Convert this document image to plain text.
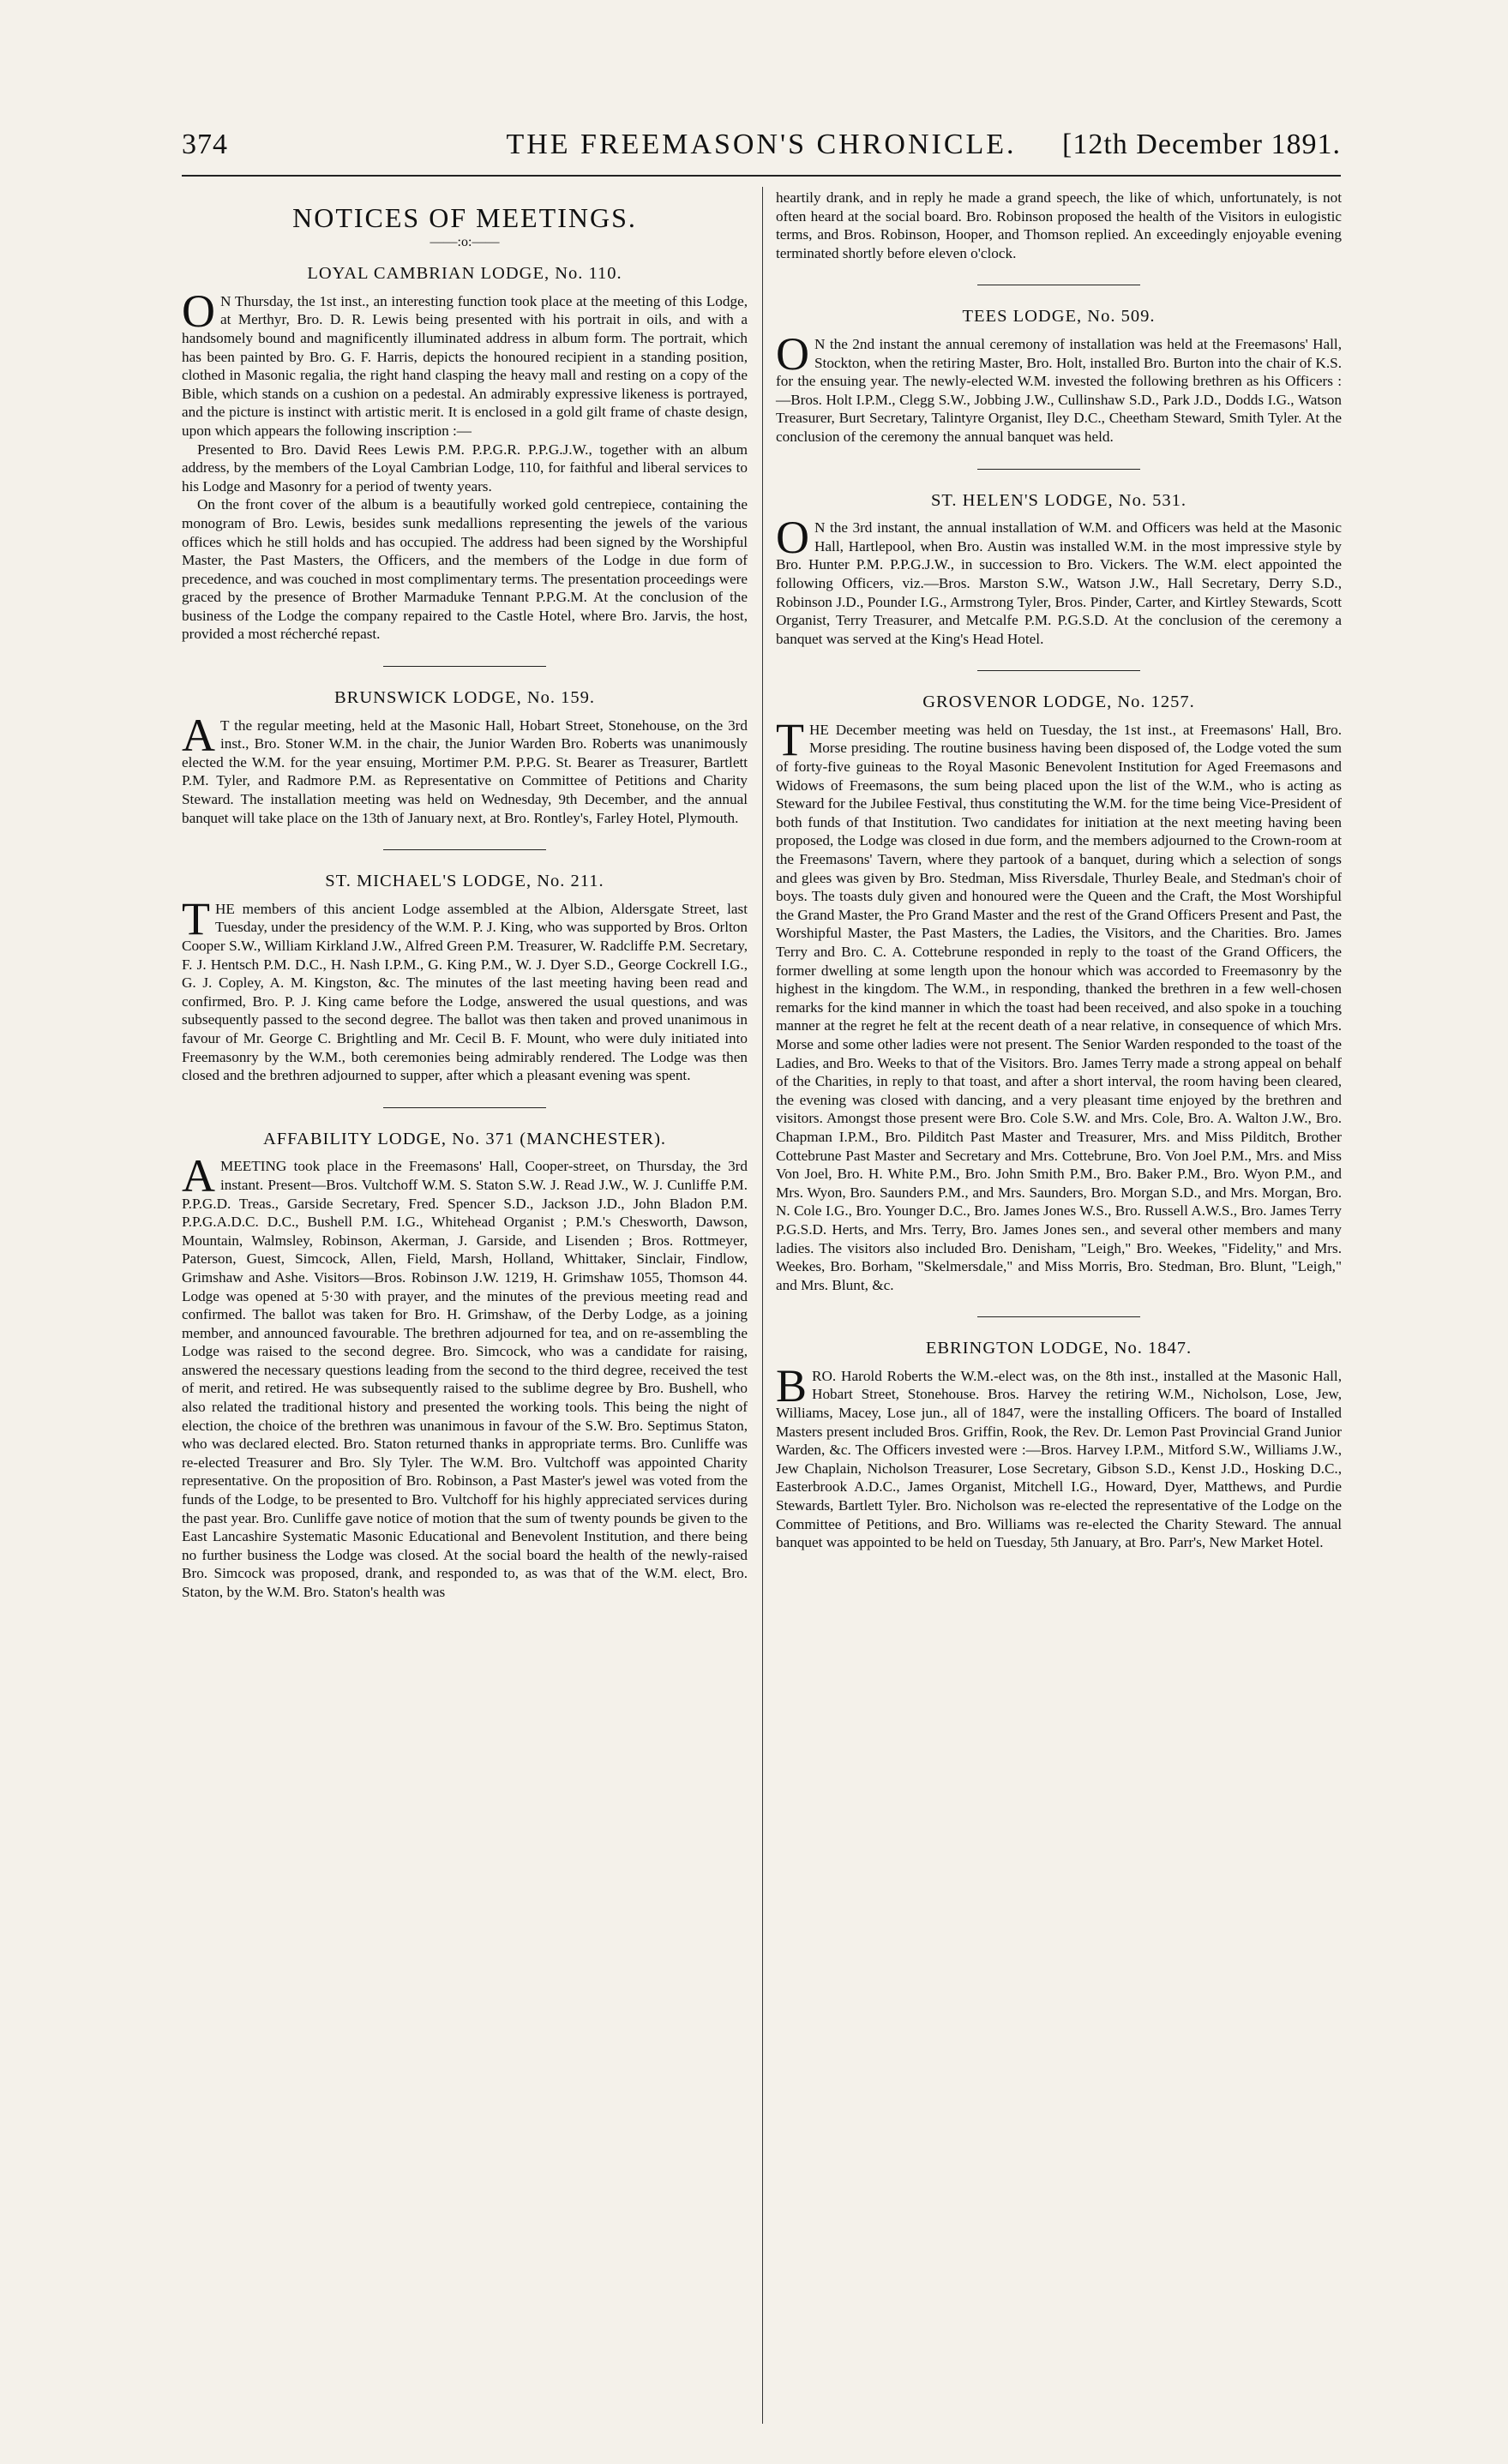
374	THE FREEMASON'S CHRONICLE.	[12th December 1891.
NOTICES OF MEETINGS.
——:o:——
LOYAL CAMBRIAN LODGE, No. 110.

O N Thursday, the 1st inst., an interesting function took place at the meeting of this Lodge, at Merthyr, Bro. D. R. Lewis being presented with his portrait in oils, and with a handsomely bound and magnificently illuminated address in album form. The portrait, which has been painted by Bro. G. F. Harris, depicts the honoured recipient in a standing position, clothed in Masonic regalia, the right hand clasping the heavy mall and resting on a copy of the Bible, which stands on a cushion on a pedestal. An admirably expressive likeness is portrayed, and the picture is instinct with artistic merit. It is enclosed in a gold gilt frame of chaste design, upon which appears the following inscription :—

Presented to Bro. David Rees Lewis P.M. P.P.G.R. P.P.G.J.W., together with an album address, by the members of the Loyal Cambrian Lodge, 110, for faithful and liberal services to his Lodge and Masonry for a period of twenty years.

On the front cover of the album is a beautifully worked gold centrepiece, containing the monogram of Bro. Lewis, besides sunk medallions representing the jewels of the various offices which he still holds and has occupied. The address had been signed by the Worshipful Master, the Past Masters, the Officers, and the members of the Lodge in due form of precedence, and was couched in most complimentary terms. The presentation proceedings were graced by the presence of Brother Marmaduke Tennant P.P.G.M. At the conclusion of the business of the Lodge the company repaired to the Castle Hotel, where Bro. Jarvis, the host, provided a most récherché repast.

BRUNSWICK LODGE, No. 159.

A T the regular meeting, held at the Masonic Hall, Hobart Street, Stonehouse, on the 3rd inst., Bro. Stoner W.M. in the chair, the Junior Warden Bro. Roberts was unanimously elected the W.M. for the year ensuing, Mortimer P.M. P.P.G. St. Bearer as Treasurer, Bartlett P.M. Tyler, and Radmore P.M. as Representative on Committee of Petitions and Charity Steward. The installation meeting was held on Wednesday, 9th December, and the annual banquet will take place on the 13th of January next, at Bro. Rontley's, Farley Hotel, Plymouth.

ST. MICHAEL'S LODGE, No. 211.

THE members of this ancient Lodge assembled at the Albion, Aldersgate Street, last Tuesday, under the presidency of the W.M. P. J. King, who was supported by Bros. Orlton Cooper S.W., William Kirkland J.W., Alfred Green P.M. Treasurer, W. Radcliffe P.M. Secretary, F. J. Hentsch P.M. D.C., H. Nash I.P.M., G. King P.M., W. J. Dyer S.D., George Cockrell I.G., G. J. Copley, A. M. Kingston, &c. The minutes of the last meeting having been read and confirmed, Bro. P. J. King came before the Lodge, answered the usual questions, and was subsequently passed to the second degree. The ballot was then taken and proved unanimous in favour of Mr. George C. Brightling and Mr. Cecil B. F. Mount, who were duly initiated into Freemasonry by the W.M., both ceremonies being admirably rendered. The Lodge was then closed and the brethren adjourned to supper, after which a pleasant evening was spent.

AFFABILITY LODGE, No. 371 (MANCHESTER).

AMEETING took place in the Freemasons' Hall, Cooper-street, on Thursday, the 3rd instant. Present—Bros. Vultchoff W.M. S. Staton S.W. J. Read J.W., W. J. Cunliffe P.M. P.P.G.D. Treas., Garside Secretary, Fred. Spencer S.D., Jackson J.D., John Bladon P.M. P.P.G.A.D.C. D.C., Bushell P.M. I.G., Whitehead Organist ; P.M.'s Chesworth, Dawson, Mountain, Walmsley, Robinson, Akerman, J. Garside, and Lisenden ; Bros. Rottmeyer, Paterson, Guest, Simcock, Allen, Field, Marsh, Holland, Whittaker, Sinclair, Findlow, Grimshaw and Ashe. Visitors—Bros. Robinson J.W. 1219, H. Grimshaw 1055, Thomson 44. Lodge was opened at 5·30 with prayer, and the minutes of the previous meeting read and confirmed. The ballot was taken for Bro. H. Grimshaw, of the Derby Lodge, as a joining member, and announced favourable. The brethren adjourned for tea, and on re-assembling the Lodge was raised to the second degree. Bro. Simcock, who was a candidate for raising, answered the necessary questions leading from the second to the third degree, received the test of merit, and retired. He was subsequently raised to the sublime degree by Bro. Bushell, who also related the traditional history and presented the working tools. This being the night of election, the choice of the brethren was unanimous in favour of the S.W. Bro. Septimus Staton, who was declared elected. Bro. Staton returned thanks in appropriate terms. Bro. Cunliffe was re-elected Treasurer and Bro. Sly Tyler. The W.M. Bro. Vultchoff was appointed Charity representative. On the proposition of Bro. Robinson, a Past Master's jewel was voted from the funds of the Lodge, to be presented to Bro. Vultchoff for his highly appreciated services during the past year. Bro. Cunliffe gave notice of motion that the sum of twenty pounds be given to the East Lancashire Systematic Masonic Educational and Benevolent Institution, and there being no further business the Lodge was closed. At the social board the health of the newly-raised Bro. Simcock was proposed, drank, and responded to, as was that of the W.M. elect, Bro. Staton, by the W.M. Bro. Staton's health was

heartily drank, and in reply he made a grand speech, the like of which, unfortunately, is not often heard at the social board. Bro. Robinson proposed the health of the Visitors in eulogistic terms, and Bros. Robinson, Hooper, and Thomson replied. An exceedingly enjoyable evening terminated shortly before eleven o'clock.

TEES LODGE, No. 509.

O N the 2nd instant the annual ceremony of installation was held at the Freemasons' Hall, Stockton, when the retiring Master, Bro. Holt, installed Bro. Burton into the chair of K.S. for the ensuing year. The newly-elected W.M. invested the following brethren as his Officers :—Bros. Holt I.P.M., Clegg S.W., Jobbing J.W., Cullinshaw S.D., Park J.D., Dodds I.G., Watson Treasurer, Burt Secretary, Talintyre Organist, Iley D.C., Cheetham Steward, Smith Tyler. At the conclusion of the ceremony the annual banquet was held.

ST. HELEN'S LODGE, No. 531.

O N the 3rd instant, the annual installation of W.M. and Officers was held at the Masonic Hall, Hartlepool, when Bro. Austin was installed W.M. in the most impressive style by Bro. Hunter P.M. P.P.G.J.W., in succession to Bro. Vickers. The W.M. elect appointed the following Officers, viz.—Bros. Marston S.W., Watson J.W., Hall Secretary, Derry S.D., Robinson J.D., Pounder I.G., Armstrong Tyler, Bros. Pinder, Carter, and Kirtley Stewards, Scott Organist, Terry Treasurer, and Metcalfe P.M. P.G.S.D. At the conclusion of the ceremony a banquet was served at the King's Head Hotel.

GROSVENOR LODGE, No. 1257.

THE December meeting was held on Tuesday, the 1st inst., at Freemasons' Hall, Bro. Morse presiding. The routine business having been disposed of, the Lodge voted the sum of forty-five guineas to the Royal Masonic Benevolent Institution for Aged Freemasons and Widows of Freemasons, the sum being placed upon the list of the W.M., who is acting as Steward for the Jubilee Festival, thus constituting the W.M. for the time being Vice-President of both funds of that Institution. Two candidates for initiation at the next meeting having been proposed, the Lodge was closed in due form, and the members adjourned to the Crown-room at the Freemasons' Tavern, where they partook of a banquet, during which a selection of songs and glees was given by Bro. Stedman, Miss Riversdale, Thurley Beale, and Stedman's choir of boys. The toasts duly given and honoured were the Queen and the Craft, the Most Worshipful the Grand Master, the Pro Grand Master and the rest of the Grand Officers Present and Past, the Worshipful Master, the Past Masters, the Ladies, the Visitors, and the Charities. Bro. James Terry and Bro. C. A. Cottebrune responded in reply to the toast of the Grand Officers, the former dwelling at some length upon the honour which was accorded to Freemasonry by the highest in the kingdom. The W.M., in responding, thanked the brethren in a few well-chosen remarks for the kind manner in which the toast had been received, and also spoke in a touching manner at the regret he felt at the recent death of a near relative, in consequence of which Mrs. Morse and some other ladies were not present. The Senior Warden responded to the toast of the Ladies, and Bro. Weeks to that of the Visitors. Bro. James Terry made a strong appeal on behalf of the Charities, in reply to that toast, and after a short interval, the room having been cleared, the evening was closed with dancing, and a very pleasant time enjoyed by the brethren and visitors. Amongst those present were Bro. Cole S.W. and Mrs. Cole, Bro. A. Walton J.W., Bro. Chapman I.P.M., Bro. Pilditch Past Master and Treasurer, Mrs. and Miss Pilditch, Brother Cottebrune Past Master and Secretary and Mrs. Cottebrune, Bro. Von Joel P.M., Mrs. and Miss Von Joel, Bro. H. White P.M., Bro. John Smith P.M., Bro. Baker P.M., Bro. Wyon P.M., and Mrs. Wyon, Bro. Saunders P.M., and Mrs. Saunders, Bro. Morgan S.D., and Mrs. Morgan, Bro. N. Cole I.G., Bro. Younger D.C., Bro. James Jones W.S., Bro. Russell A.W.S., Bro. James Terry P.G.S.D. Herts, and Mrs. Terry, Bro. James Jones sen., and several other members and many ladies. The visitors also included Bro. Denisham, "Leigh," Bro. Weekes, "Fidelity," and Mrs. Weekes, Bro. Borham, "Skelmersdale," and Miss Morris, Bro. Stedman, Bro. Blunt, "Leigh," and Mrs. Blunt, &c.

EBRINGTON LODGE, No. 1847.

BRO. Harold Roberts the W.M.-elect was, on the 8th inst., installed at the Masonic Hall, Hobart Street, Stonehouse. Bros. Harvey the retiring W.M., Nicholson, Lose, Jew, Williams, Macey, Lose jun., all of 1847, were the installing Officers. The board of Installed Masters present included Bros. Griffin, Rook, the Rev. Dr. Lemon Past Provincial Grand Junior Warden, &c. The Officers invested were :—Bros. Harvey I.P.M., Mitford S.W., Williams J.W., Jew Chaplain, Nicholson Treasurer, Lose Secretary, Gibson S.D., Kenst J.D., Hosking D.C., Easterbrook A.D.C., James Organist, Mitchell I.G., Howard, Dyer, Matthews, and Purdie Stewards, Bartlett Tyler. Bro. Nicholson was re-elected the representative of the Lodge on the Committee of Petitions, and Bro. Williams was re-elected the Charity Steward. The annual banquet was appointed to be held on Tuesday, 5th January, at Bro. Parr's, New Market Hotel.
